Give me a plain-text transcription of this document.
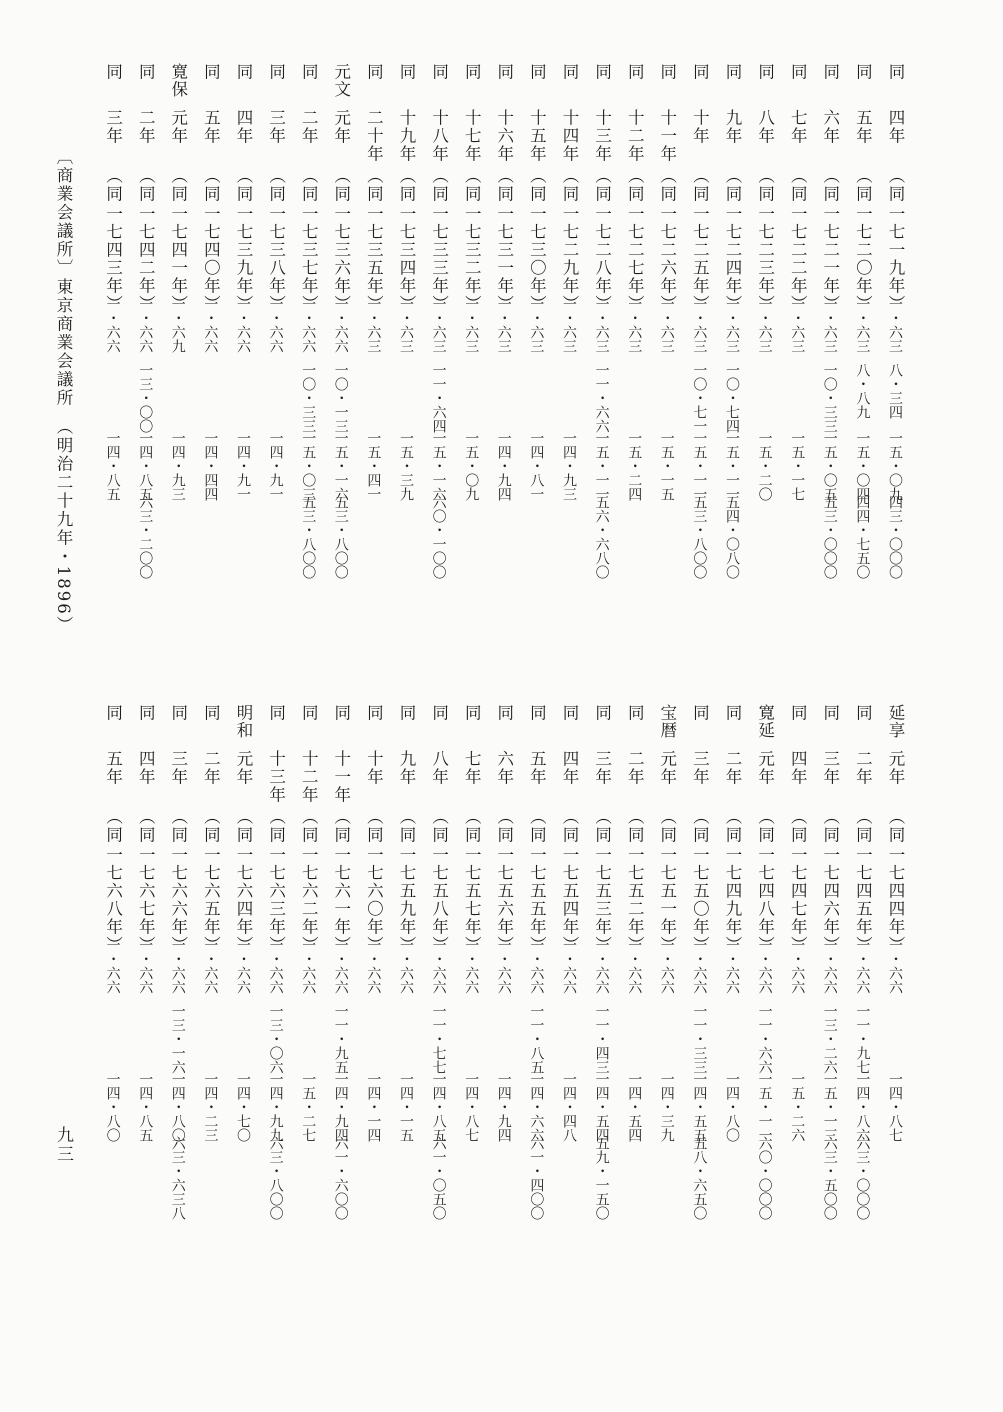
同
四年
（同
一七一九年）
一・六三
八・三四
一五・〇九
四三・〇〇〇
同
五年
（同
一七二〇年）
一・六三
八・八九
一五・〇四
四四・七五〇
同
六年
（同
一七二一年）
一・六三
一〇・三三
一五・〇五
五三・〇〇〇
同
七年
（同
一七二二年）
一・六三
一五・一七
同
八年
（同
一七二三年）
一・六三
一五・二〇
同
九年
（同
一七二四年）
一・六三
一〇・七四
一五・一一
五四・〇八〇
同
十年
（同
一七二五年）
一・六三
一〇・七一
一五・一一
五三・八〇〇
同
十一年
（同
一七二六年）
一・六三
一五・一五
同
十二年
（同
一七二七年）
一・六三
一五・二四
同
十三年
（同
一七二八年）
一・六三
一一・六六
一五・一一
五六・六八〇
同
十四年
（同
一七二九年）
一・六三
一四・九三
同
十五年
（同
一七三〇年）
一・六三
一四・八一
同
十六年
（同
一七三一年）
一・六三
一四・九四
同
十七年
（同
一七三二年）
一・六三
一五・〇九
同
十八年
（同
一七三三年）
一・六三
一一・六四
一五・一六
六〇・一〇〇
同
十九年
（同
一七三四年）
一・六三
一五・三九
同
二十年
（同
一七三五年）
一・六三
一五・四一
元文
元年
（同
一七三六年）
一・六六
一〇・一三
一五・一六
五三・八〇〇
同
二年
（同
一七三七年）
一・六六
一〇・三三
一五・〇三
五三・八〇〇
同
三年
（同
一七三八年）
一・六六
一四・九一
同
四年
（同
一七三九年）
一・六六
一四・九一
同
五年
（同
一七四〇年）
一・六六
一四・四四
寛保
元年
（同
一七四一年）
一・六九
一四・九三
同
二年
（同
一七四二年）
一・六六
一三・〇〇
一四・八五
六三・二〇〇
同
三年
（同
一七四三年）
一・六六
一四・八五
延享
元年
（同
一七四四年）
一・六六
一四・八七
同
二年
（同
一七四五年）
一・六六
一一・九七
一四・八六
六三・〇〇〇
同
三年
（同
一七四六年）
一・六六
一三・二六
一五・一三
六三・五〇〇
同
四年
（同
一七四七年）
一・六六
一五・二六
寛延
元年
（同
一七四八年）
一・六六
一一・六六
一五・一一
六〇・〇〇〇
同
二年
（同
一七四九年）
一・六六
一四・八〇
同
三年
（同
一七五〇年）
一・六六
一一・三三
一四・五五
五八・六五〇
宝暦
元年
（同
一七五一年）
一・六六
一四・三九
同
二年
（同
一七五二年）
一・六六
一四・五四
同
三年
（同
一七五三年）
一・六六
一一・四三
一四・五四
五九・一五〇
同
四年
（同
一七五四年）
一・六六
一四・四八
同
五年
（同
一七五五年）
一・六六
一一・八五
一四・六六
六一・四〇〇
同
六年
（同
一七五六年）
一・六六
一四・九四
同
七年
（同
一七五七年）
一・六六
一四・八七
同
八年
（同
一七五八年）
一・六六
一一・七七
一四・八五
六一・〇五〇
同
九年
（同
一七五九年）
一・六六
一四・一五
同
十年
（同
一七六〇年）
一・六六
一四・一四
同
十一年
（同
一七六一年）
一・六六
一一・九五
一四・九四
六一・六〇〇
同
十二年
（同
一七六二年）
一・六六
一五・二七
同
十三年
（同
一七六三年）
一・六六
一三・〇六
一四・九九
六三・八〇〇
明和
元年
（同
一七六四年）
一・六六
一四・七〇
同
二年
（同
一七六五年）
一・六六
一四・二三
同
三年
（同
一七六六年）
一・六六
一三・一六
一四・八〇
六三・六三八
同
四年
（同
一七六七年）
一・六六
一四・八五
同
五年
（同
一七六八年）
一・六六
一四・八〇
〔商業会議所〕
東京商業会議所　（明治二十九年・1896）
九三
